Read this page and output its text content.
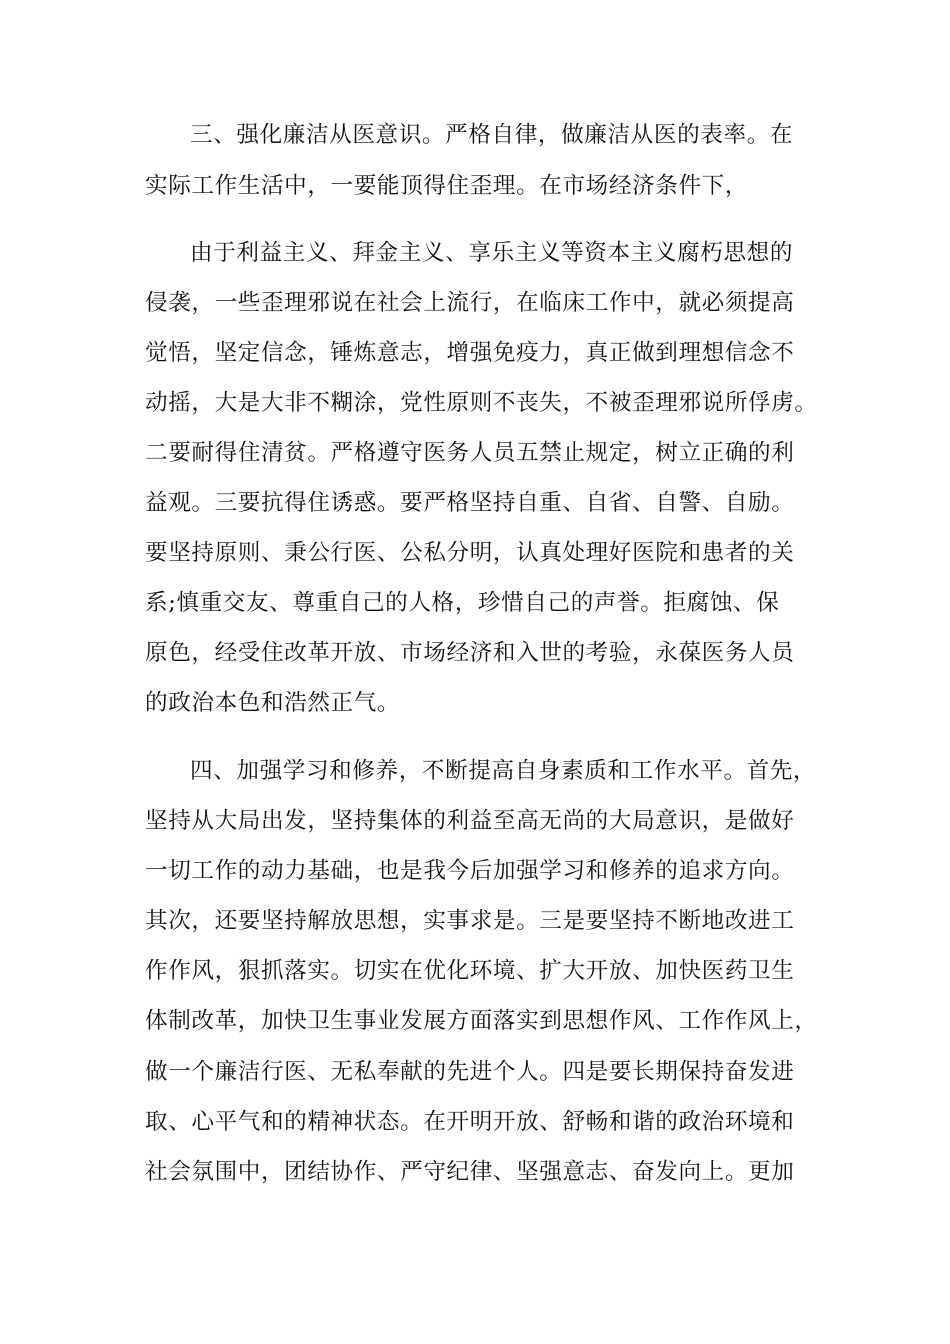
三、强化廉洁从医意识。严格自律，做廉洁从医的表率。在
实际工作生活中，一要能顶得住歪理。在市场经济条件下，
由于利益主义、拜金主义、享乐主义等资本主义腐朽思想的
侵袭，一些歪理邪说在社会上流行，在临床工作中，就必须提高
觉悟，坚定信念，锤炼意志，增强免疫力，真正做到理想信念不
动摇，大是大非不糊涂，党性原则不丧失，不被歪理邪说所俘虏。
二要耐得住清贫。严格遵守医务人员五禁止规定，树立正确的利
益观。三要抗得住诱惑。要严格坚持自重、自省、自警、自励。
要坚持原则、秉公行医、公私分明，认真处理好医院和患者的关
系;慎重交友、尊重自己的人格，珍惜自己的声誉。拒腐蚀、保
原色，经受住改革开放、市场经济和入世的考验，永葆医务人员
的政治本色和浩然正气。
四、加强学习和修养，不断提高自身素质和工作水平。首先，
坚持从大局出发，坚持集体的利益至高无尚的大局意识，是做好
一切工作的动力基础，也是我今后加强学习和修养的追求方向。
其次，还要坚持解放思想，实事求是。三是要坚持不断地改进工
作作风，狠抓落实。切实在优化环境、扩大开放、加快医药卫生
体制改革，加快卫生事业发展方面落实到思想作风、工作作风上，
做一个廉洁行医、无私奉献的先进个人。四是要长期保持奋发进
取、心平气和的精神状态。在开明开放、舒畅和谐的政治环境和
社会氛围中，团结协作、严守纪律、坚强意志、奋发向上。更加
